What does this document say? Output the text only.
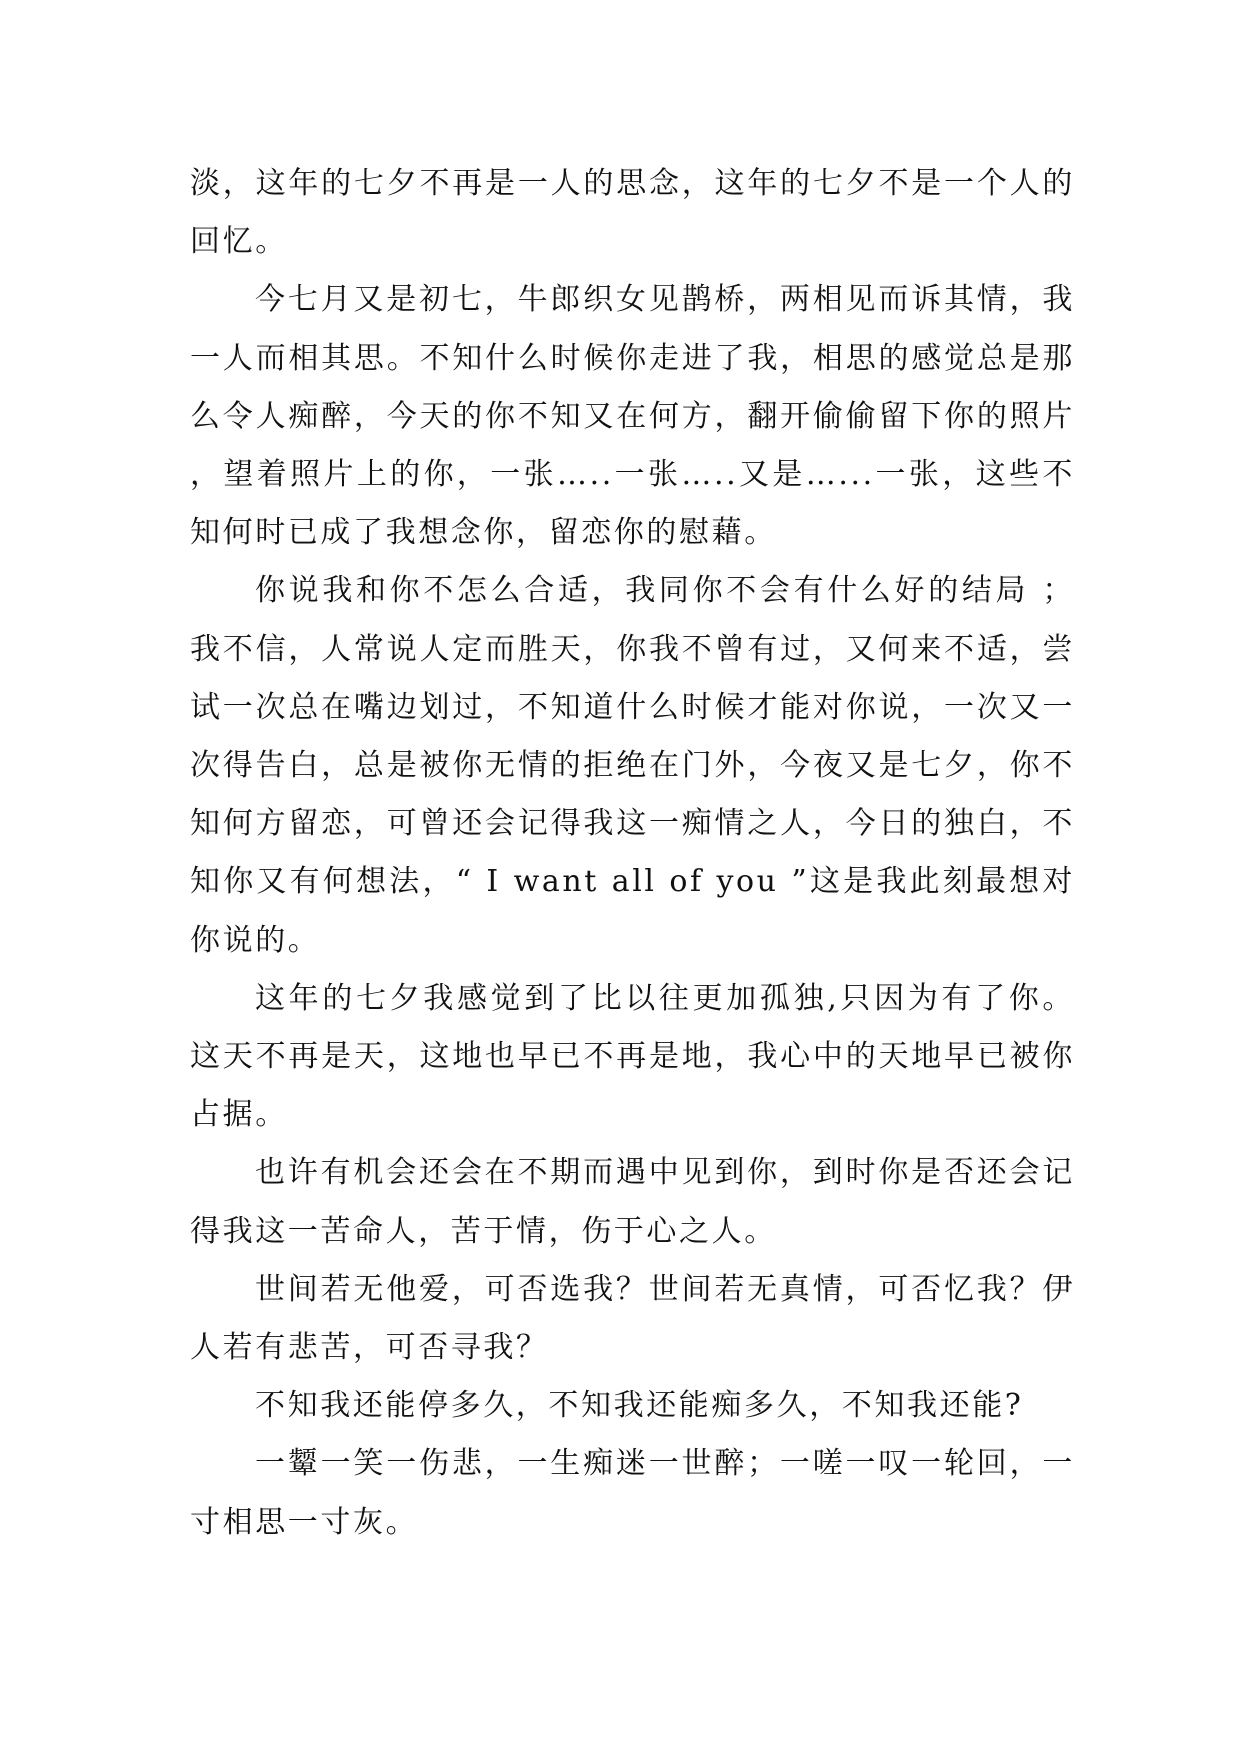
淡，这年的七夕不再是一人的思念，这年的七夕不是一个人的回忆。

今七月又是初七，牛郎织女见鹊桥，两相见而诉其情，我一人而相其思。不知什么时候你走进了我，相思的感觉总是那么令人痴醉，今天的你不知又在何方，翻开偷偷留下你的照片，望着照片上的你，一张…..一张…..又是…...一张，这些不知何时已成了我想念你，留恋你的慰藉。

你说我和你不怎么合适，我同你不会有什么好的结局 ；我不信，人常说人定而胜天，你我不曾有过，又何来不适，尝试一次总在嘴边划过，不知道什么时候才能对你说，一次又一次得告白，总是被你无情的拒绝在门外，今夜又是七夕，你不知何方留恋，可曾还会记得我这一痴情之人，今日的独白，不知你又有何想法，“ I want all of you ”这是我此刻最想对你说的。

这年的七夕我感觉到了比以往更加孤独,只因为有了你。这天不再是天，这地也早已不再是地，我心中的天地早已被你占据。

也许有机会还会在不期而遇中见到你，到时你是否还会记得我这一苦命人，苦于情，伤于心之人。

世间若无他爱，可否选我？世间若无真情，可否忆我？伊人若有悲苦，可否寻我？

不知我还能停多久，不知我还能痴多久，不知我还能?

一颦一笑一伤悲，一生痴迷一世醉；一嗟一叹一轮回，一寸相思一寸灰。
